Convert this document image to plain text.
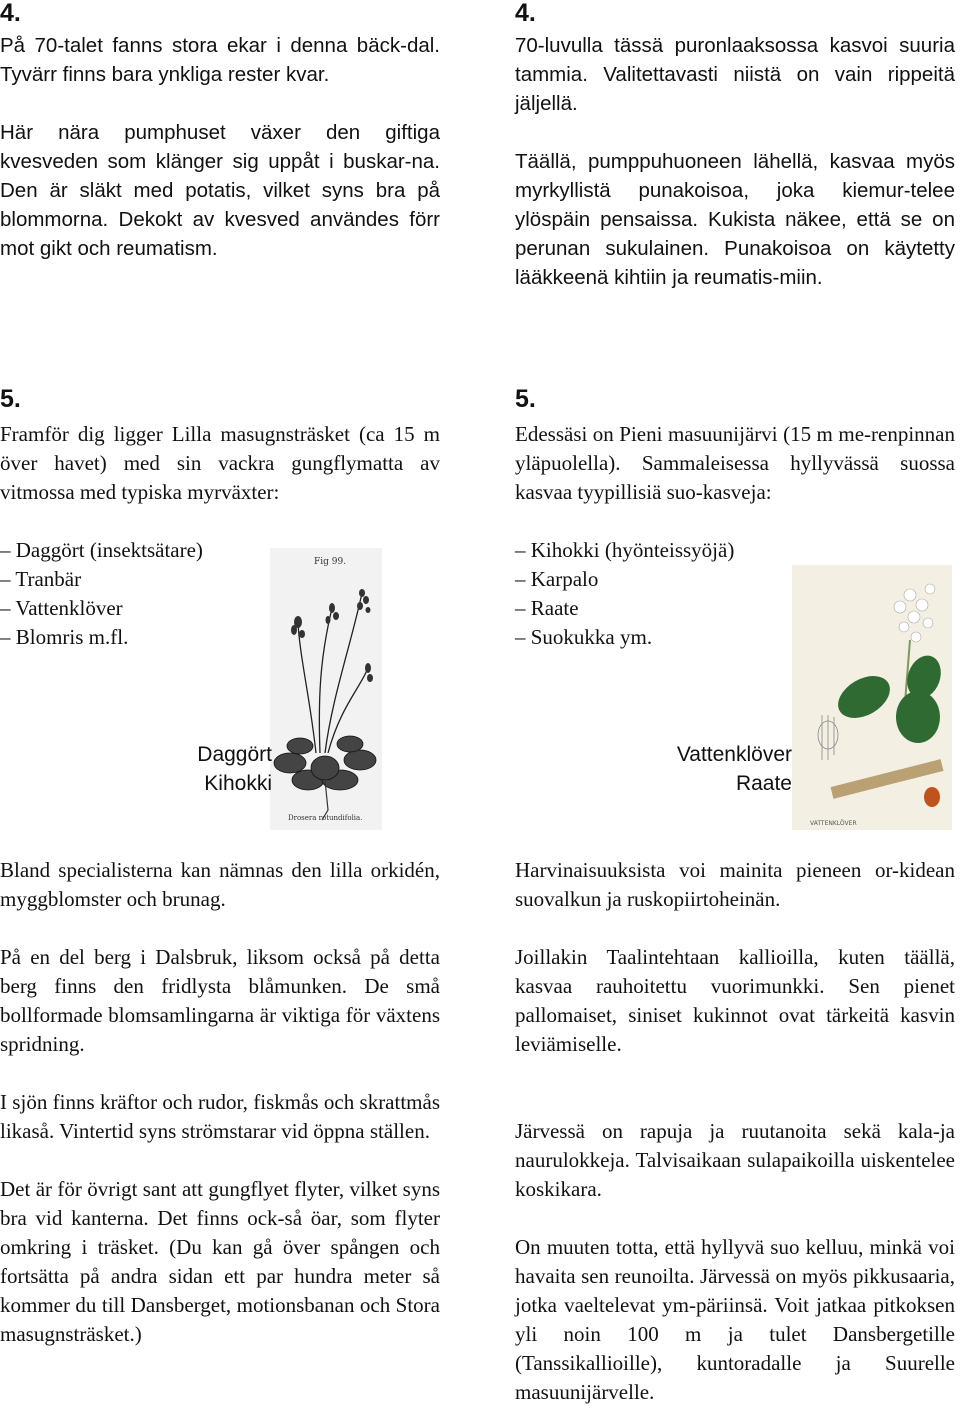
4.

På 70-talet fanns stora ekar i denna bäck-dal. Tyvärr finns bara ynkliga rester kvar.

Här nära pumphuset växer den giftiga kvesveden som klänger sig uppåt i buskar-na. Den är släkt med potatis, vilket syns bra på blommorna. Dekokt av kvesved användes förr mot gikt och reumatism.

4.

70-luvulla tässä puronlaaksossa kasvoi suuria tammia. Valitettavasti niistä on vain rippeitä jäljellä.

Täällä, pumppuhuoneen lähellä, kasvaa myös myrkyllistä punakoisoa, joka kiemur-telee ylöspäin pensaissa. Kukista näkee, että se on perunan sukulainen. Punakoisoa on käytetty lääkkeenä kihtiin ja reumatis-miin.

5.

Framför dig ligger Lilla masugnsträsket (ca 15 m över havet) med sin vackra gungflymatta av vitmossa med typiska myrväxter:

– Daggört (insektsätare)
– Tranbär
– Vattenklöver
– Blomris m.fl.
5.

Edessäsi on Pieni masuunijärvi (15 m me-renpinnan yläpuolella). Sammaleisessa hyllyvässä suossa kasvaa tyypillisiä suo-kasveja:

– Kihokki (hyönteissyöjä)
– Karpalo
– Raate
– Suokukka ym.
Fig 99.
Drosera rotundifolia.
VATTENKLÖVER
Daggört
Kihokki
Vattenklöver
Raate

Bland specialisterna kan nämnas den lilla orkidén, myggblomster och brunag.

På en del berg i Dalsbruk, liksom också på detta berg finns den fridlysta blåmunken. De små bollformade blomsamlingarna är viktiga för växtens spridning.

I sjön finns kräftor och rudor, fiskmås och skrattmås likaså. Vintertid syns strömstarar vid öppna ställen.

Det är för övrigt sant att gungflyet flyter, vilket syns bra vid kanterna. Det finns ock-så öar, som flyter omkring i träsket. (Du kan gå över spången och fortsätta på andra sidan ett par hundra meter så kommer du till Dansberget, motionsbanan och Stora masugnsträsket.)

Harvinaisuuksista voi mainita pieneen or-kidean suovalkun ja ruskopiirtoheinän.

Joillakin Taalintehtaan kallioilla, kuten täällä, kasvaa rauhoitettu vuorimunkki. Sen pienet pallomaiset, siniset kukinnot ovat tärkeitä kasvin leviämiselle.

Järvessä on rapuja ja ruutanoita sekä kala-ja naurulokkeja. Talvisaikaan sulapaikoilla uiskentelee koskikara.

On muuten totta, että hyllyvä suo kelluu, minkä voi havaita sen reunoilta. Järvessä on myös pikkusaaria, jotka vaeltelevat ym-päriinsä. Voit jatkaa pitkoksen yli noin 100 m ja tulet Dansbergetille (Tanssikallioille), kuntoradalle ja Suurelle masuunijärvelle.
